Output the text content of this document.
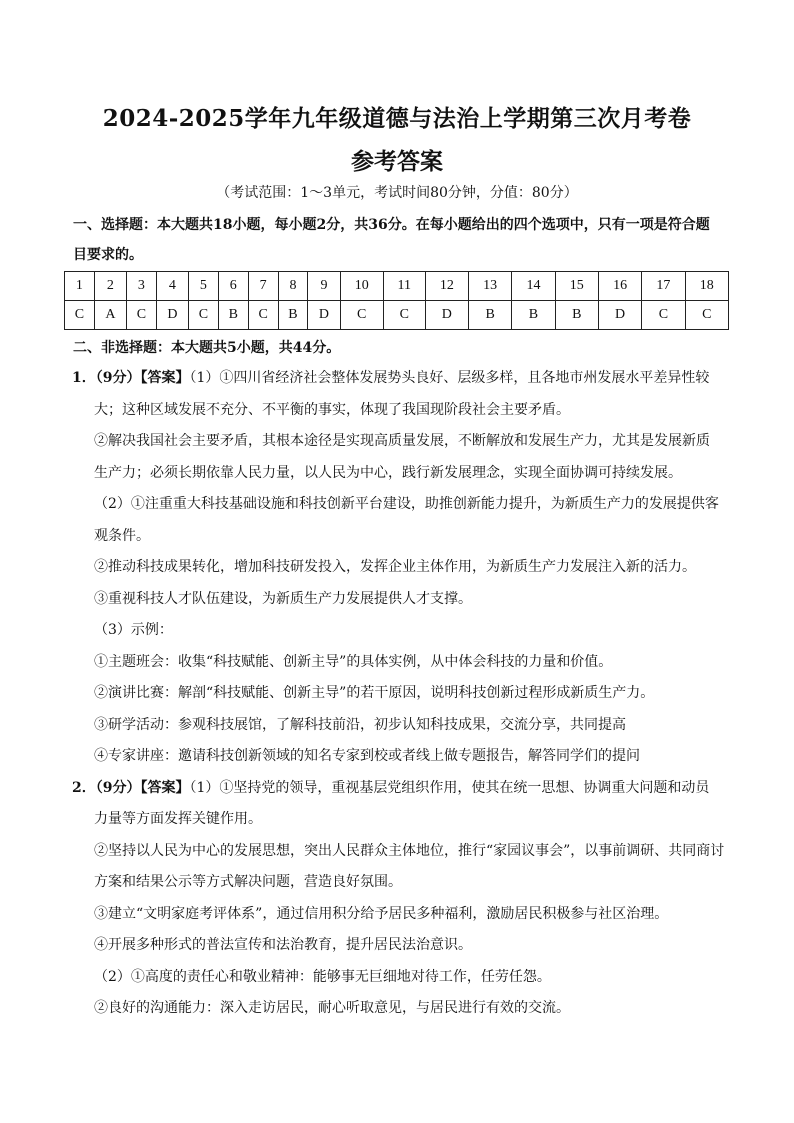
2024-2025学年九年级道德与法治上学期第三次月考卷
参考答案
（考试范围：1～3单元，考试时间80分钟，分值：80分）
一、选择题：本大题共18小题，每小题2分，共36分。在每小题给出的四个选项中，只有一项是符合题
目要求的。
1	2	3	4	5	6	7	8	9	10	11	12	13	14	15	16	17	18
C	A	C	D	C	B	C	B	D	C	C	D	B	B	B	D	C	C
二、非选择题：本大题共5小题，共44分。
1．（9分）【答案】（1）①四川省经济社会整体发展势头良好、层级多样，且各地市州发展水平差异性较
大；这种区域发展不充分、不平衡的事实，体现了我国现阶段社会主要矛盾。
②解决我国社会主要矛盾，其根本途径是实现高质量发展，不断解放和发展生产力，尤其是发展新质
生产力；必须长期依靠人民力量，以人民为中心，践行新发展理念，实现全面协调可持续发展。
（2）①注重重大科技基础设施和科技创新平台建设，助推创新能力提升，为新质生产力的发展提供客
观条件。
②推动科技成果转化，增加科技研发投入，发挥企业主体作用，为新质生产力发展注入新的活力。
③重视科技人才队伍建设，为新质生产力发展提供人才支撑。
（3）示例：
①主题班会：收集“科技赋能、创新主导”的具体实例，从中体会科技的力量和价值。
②演讲比赛：解剖“科技赋能、创新主导”的若干原因，说明科技创新过程形成新质生产力。
③研学活动：参观科技展馆，了解科技前沿，初步认知科技成果，交流分享，共同提高
④专家讲座：邀请科技创新领域的知名专家到校或者线上做专题报告，解答同学们的提问
2．（9分）【答案】（1）①坚持党的领导，重视基层党组织作用，使其在统一思想、协调重大问题和动员
力量等方面发挥关键作用。
②坚持以人民为中心的发展思想，突出人民群众主体地位，推行“家园议事会”，以事前调研、共同商讨
方案和结果公示等方式解决问题，营造良好氛围。
③建立“文明家庭考评体系”，通过信用积分给予居民多种福利，激励居民积极参与社区治理。
④开展多种形式的普法宣传和法治教育，提升居民法治意识。
（2）①高度的责任心和敬业精神：能够事无巨细地对待工作，任劳任怨。
②良好的沟通能力：深入走访居民，耐心听取意见，与居民进行有效的交流。
